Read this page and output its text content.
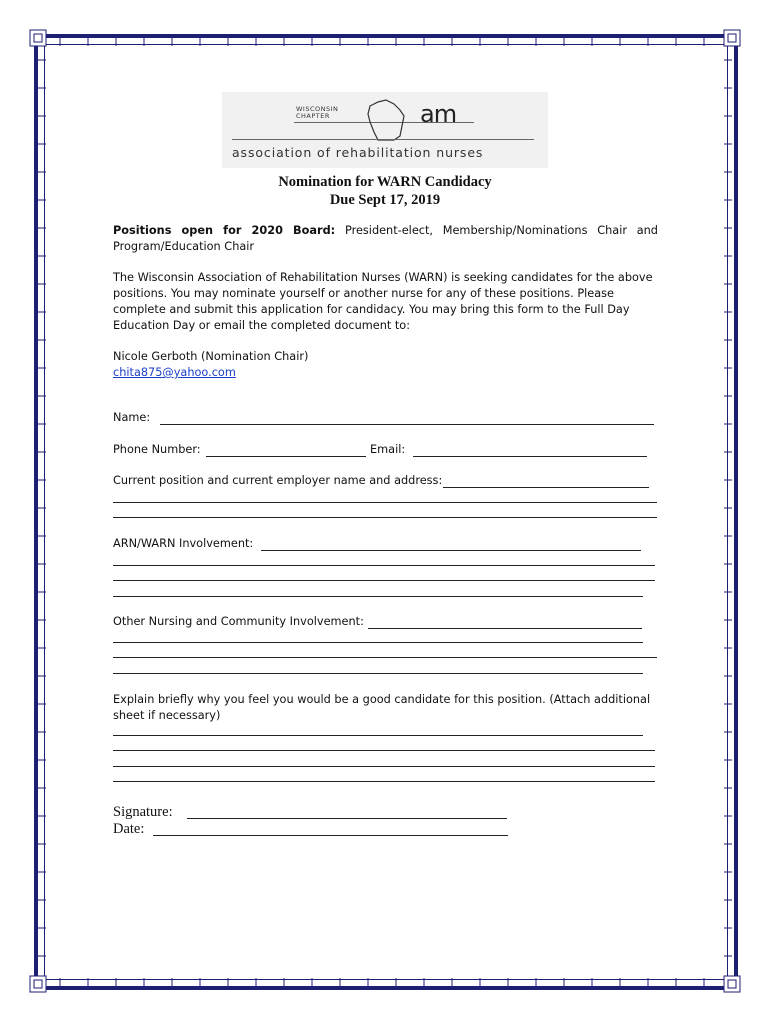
WISCONSIN
CHAPTER	am
association of rehabilitation nurses
Nomination for WARN Candidacy
Due Sept 17, 2019
Positions open for 2020 Board: President-elect, Membership/Nominations Chair and
Program/Education Chair
The Wisconsin Association of Rehabilitation Nurses (WARN) is seeking candidates for the above
positions. You may nominate yourself or another nurse for any of these positions. Please
complete and submit this application for candidacy. You may bring this form to the Full Day
Education Day or email the completed document to:
Nicole Gerboth (Nomination Chair)
chita875@yahoo.com
Name:
Phone Number:	Email:
Current position and current employer name and address:
ARN/WARN Involvement:
Other Nursing and Community Involvement:
Explain briefly why you feel you would be a good candidate for this position. (Attach additional
sheet if necessary)
Signature:
Date:
